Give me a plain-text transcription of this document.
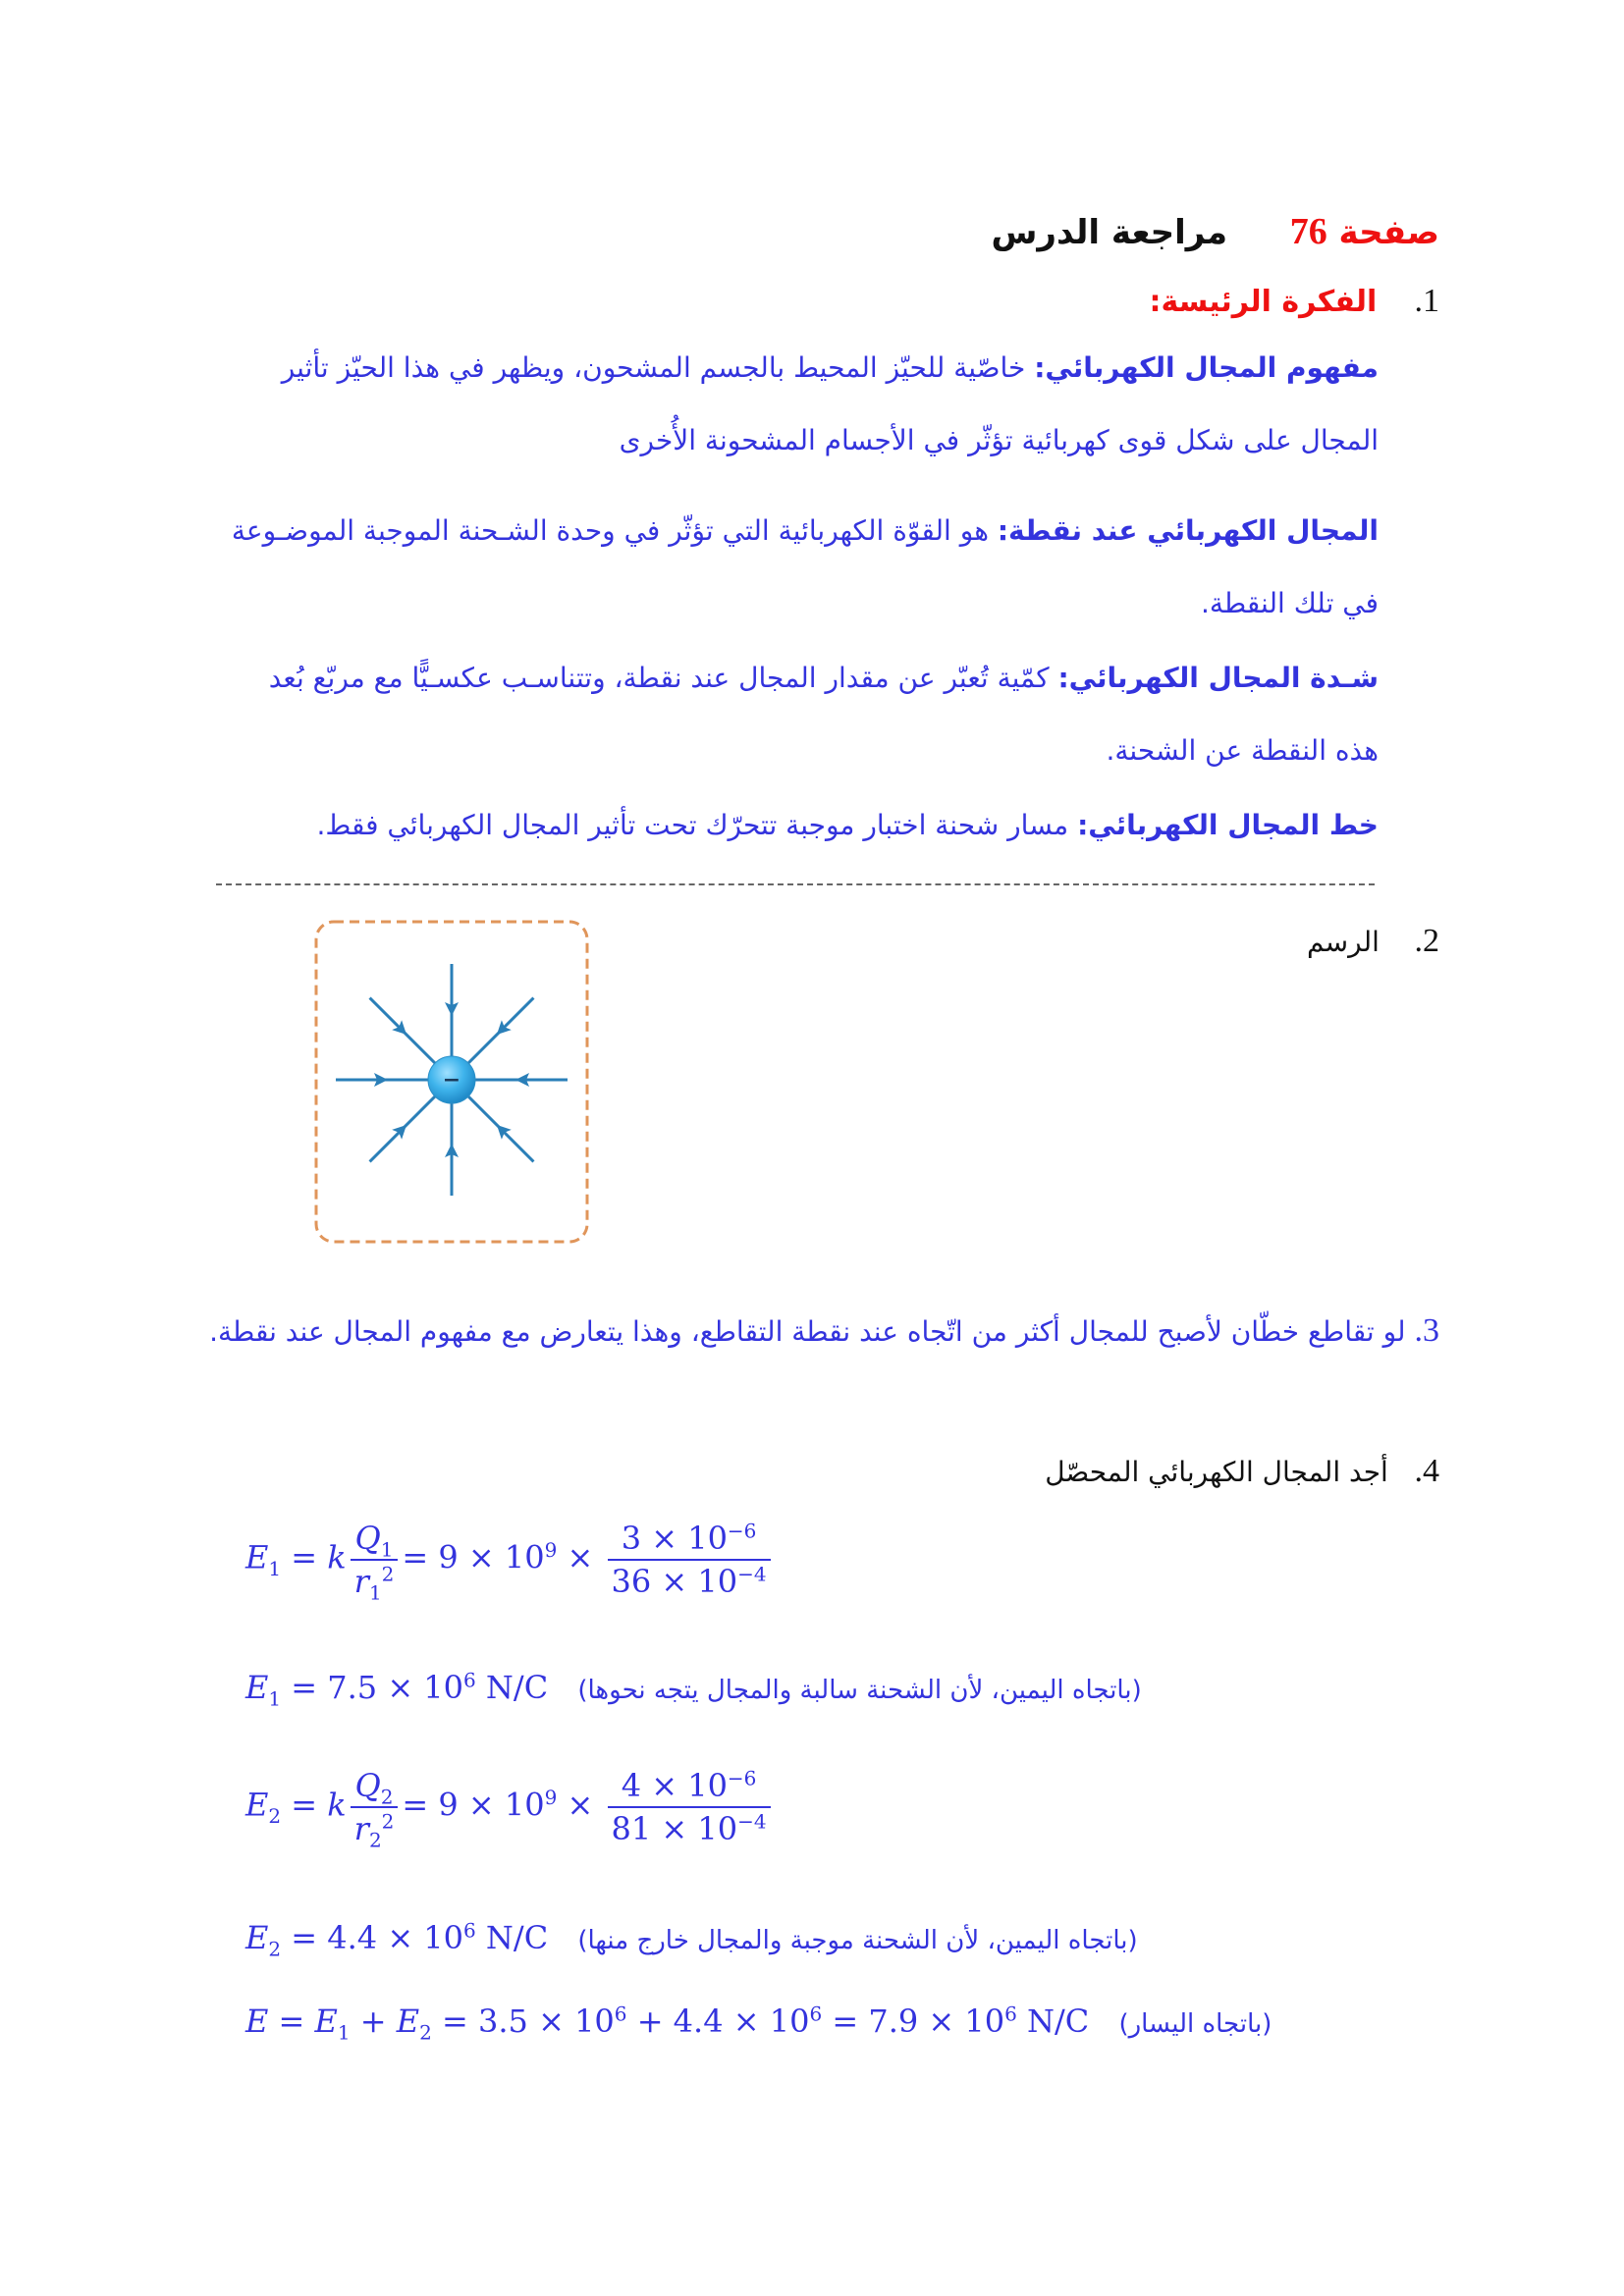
صفحة 76  مراجعة الدرس
1.    الفكرة الرئيسة:
مفهوم المجال الكهربائي: خاصّية للحيّز المحيط بالجسم المشحون، ويظهر في هذا الحيّز تأثير المجال على شكل قوى كهربائية تؤثّر في الأجسام المشحونة الأُخرى
المجال الكهربائي عند نقطة: هو القوّة الكهربائية التي تؤثّر في وحدة الشـحنة الموجبة الموضـوعة في تلك النقطة.
شـدة المجال الكهربائي: كمّية تُعبّر عن مقدار المجال عند نقطة، وتتناسـب عكسـيًّا مع مربّع بُعد هذه النقطة عن الشحنة.
خط المجال الكهربائي: مسار شحنة اختبار موجبة تتحرّك تحت تأثير المجال الكهربائي فقط.
2.    الرسم
−
3. لو تقاطع خطّان لأصبح للمجال أكثر من اتّجاه عند نقطة التقاطع، وهذا يتعارض مع مفهوم المجال عند نقطة.
4.   أجد المجال الكهربائي المحصّل
$E_1 = k \frac{Q_1}{r_1^2} = 9 \times 10^9 \times \frac{3 \times 10^{-6}}{36 \times 10^{-4}}$
$E_1 = 7.5 \times 10^6$ N/C (باتجاه اليمين، لأن الشحنة سالبة والمجال يتجه نحوها)
$E_2 = k \frac{Q_2}{r_2^2} = 9 \times 10^9 \times \frac{4 \times 10^{-6}}{81 \times 10^{-4}}$
$E_2 = 4.4 \times 10^6$ N/C (باتجاه اليمين، لأن الشحنة موجبة والمجال خارج منها)
$E = E_1 + E_2 = 3.5 \times 10^6 + 4.4 \times 10^6 = 7.9 \times 10^6$ N/C (باتجاه اليسار)
